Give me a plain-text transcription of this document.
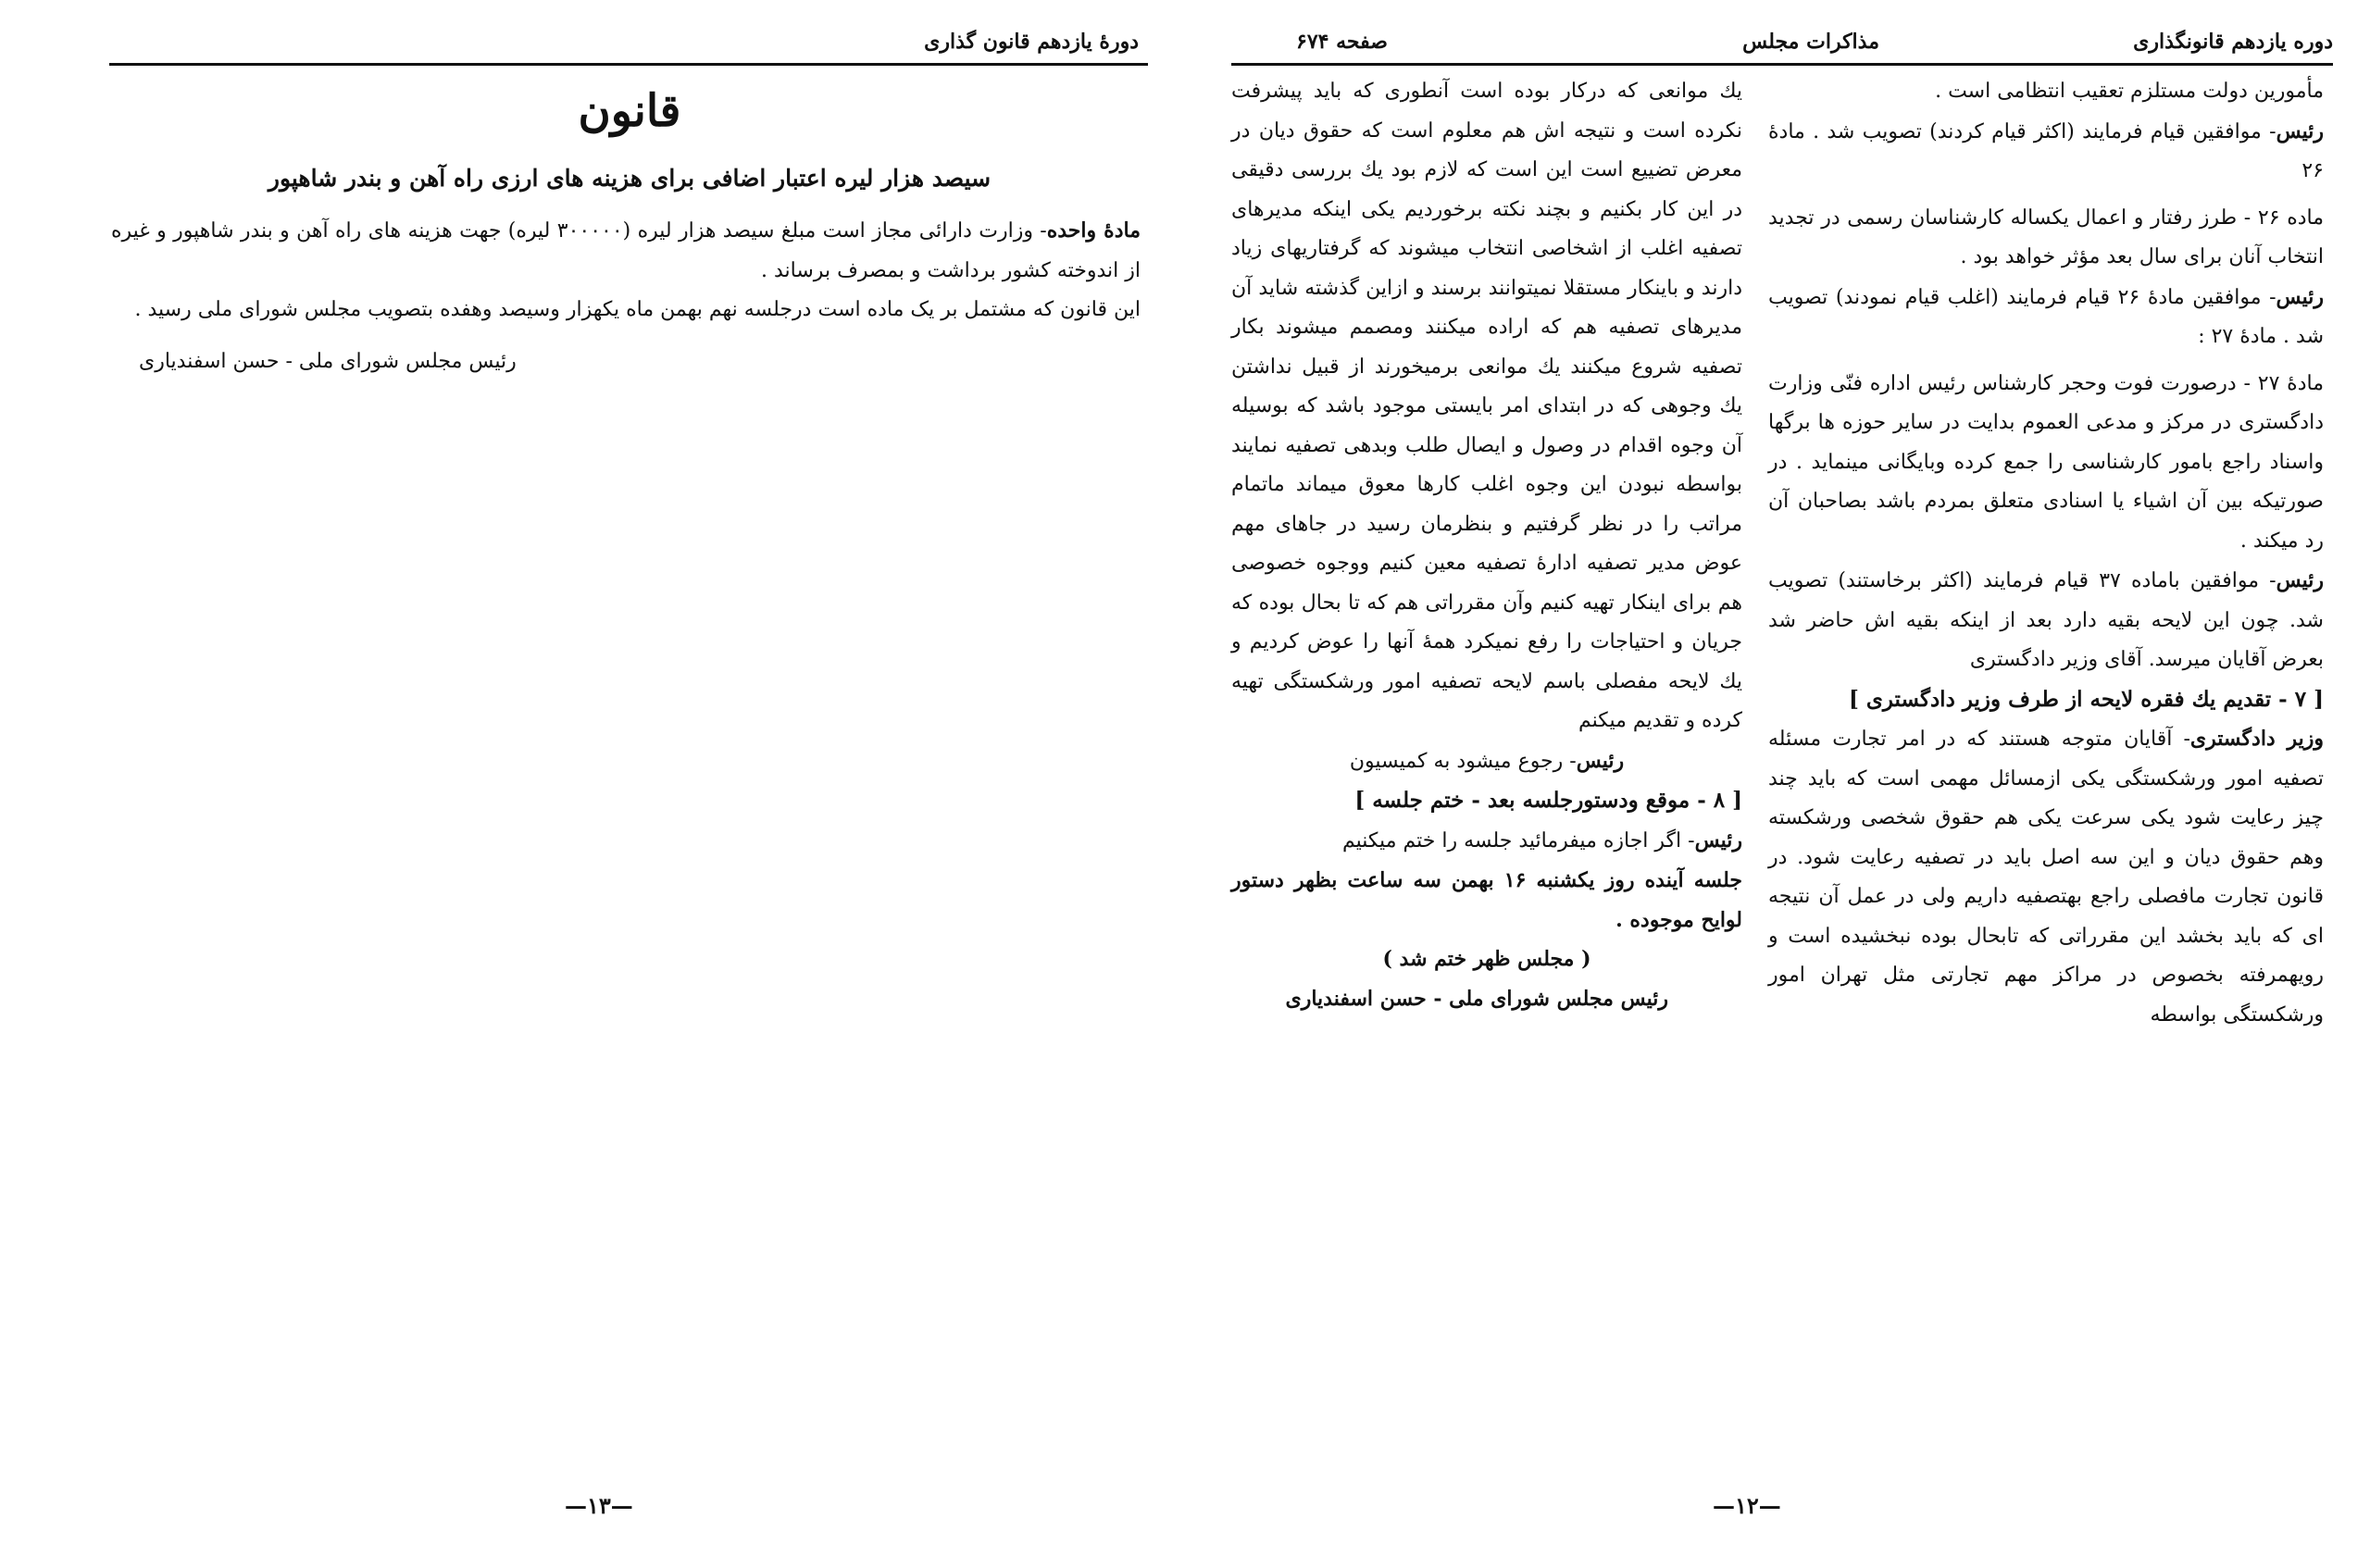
دورهٔ یازدهم قانون گذاری
قانون
سیصد هزار لیره اعتبار اضافی برای هزینه های ارزی راه آهن و بندر شاهپور

مادهٔ واحده- وزارت دارائی مجاز است مبلغ سیصد هزار لیره (۳۰۰۰۰۰ لیره) جهت هزینه های راه آهن و بندر شاهپور و غیره از اندوخته کشور برداشت و بمصرف برساند .

این قانون که مشتمل بر یک ماده است درجلسه نهم بهمن ماه یکهزار وسیصد وهفده بتصویب مجلس شورای ملی رسید .

رئیس مجلس شورای ملی - حسن اسفندیاری
—۱۳—
دوره یازدهم قانونگذاری
مذاکرات مجلس
صفحه ۶۷۴

مأمورین دولت مستلزم تعقیب انتظامی است .

رئیس- موافقین قیام فرمایند (اکثر قیام کردند) تصویب شد . مادهٔ ۲۶

ماده ۲۶ - طرز رفتار و اعمال یکساله کارشناسان رسمی در تجدید انتخاب آنان برای سال بعد مؤثر خواهد بود .

رئیس- موافقین مادهٔ ۲۶ قیام فرمایند (اغلب قیام نمودند) تصویب شد . مادهٔ ۲۷ :

مادهٔ ۲۷ - درصورت فوت وحجر کارشناس رئیس اداره فنّی وزارت دادگستری در مرکز و مدعی العموم بدایت در سایر حوزه ها برگها واسناد راجع بامور کارشناسی را جمع کرده وبایگانی مینماید . در صورتیکه بین آن اشیاء یا اسنادی متعلق بمردم باشد بصاحبان آن رد میکند .

رئیس- موافقین باماده ۳۷ قیام فرمایند (اکثر برخاستند) تصویب شد. چون این لایحه بقیه دارد بعد از اینکه بقیه اش حاضر شد بعرض آقایان میرسد. آقای وزیر دادگستری

[ ۷ - تقدیم یك فقره لایحه از طرف وزیر دادگستری ]

وزیر دادگستری- آقایان متوجه هستند که در امر تجارت مسئله تصفیه امور ورشکستگی یکی ازمسائل مهمی است که باید چند چیز رعایت شود یکی سرعت یکی هم حقوق شخصی ورشکسته وهم حقوق دیان و این سه اصل باید در تصفیه رعایت شود. در قانون تجارت مافصلی راجع بهتصفیه داریم ولی در عمل آن نتیجه ای که باید بخشد این مقرراتی که تابحال بوده نبخشیده است و رویهمرفته بخصوص در مراکز مهم تجارتی مثل تهران امور ورشکستگی بواسطه

یك موانعی که درکار بوده است آنطوری که باید پیشرفت نکرده است و نتیجه اش هم معلوم است که حقوق دیان در معرض تضییع است این است که لازم بود یك بررسی دقیقی در این کار بکنیم و بچند نکته برخوردیم یکی اینکه مدیرهای تصفیه اغلب از اشخاصی انتخاب میشوند که گرفتاریهای زیاد دارند و باینکار مستقلا نمیتوانند برسند و ازاین گذشته شاید آن مدیرهای تصفیه هم که اراده میکنند ومصمم میشوند بکار تصفیه شروع میکنند یك موانعی برمیخورند از قبیل نداشتن یك وجوهی که در ابتدای امر بایستی موجود باشد که بوسیله آن وجوه اقدام در وصول و ایصال طلب وبدهی تصفیه نمایند بواسطه نبودن این وجوه اغلب کارها معوق میماند ماتمام مراتب را در نظر گرفتیم و بنظرمان رسید در جاهای مهم عوض مدیر تصفیه ادارهٔ تصفیه معین کنیم ووجوه خصوصی هم برای اینکار تهیه کنیم وآن مقرراتی هم که تا بحال بوده که جریان و احتیاجات را رفع نمیکرد همهٔ آنها را عوض کردیم و یك لایحه مفصلی باسم لایحه تصفیه امور ورشکستگی تهیه کرده و تقدیم میکنم

رئیس- رجوع میشود به کمیسیون

[ ۸ - موقع ودستورجلسه بعد - ختم جلسه ]

رئیس- اگر اجازه میفرمائید جلسه را ختم میکنیم

جلسه آینده روز یکشنبه ۱۶ بهمن سه ساعت بظهر دستور لوایح موجوده .

( مجلس ظهر ختم شد )

رئیس مجلس شورای ملی - حسن اسفندیاری

—۱۲—
